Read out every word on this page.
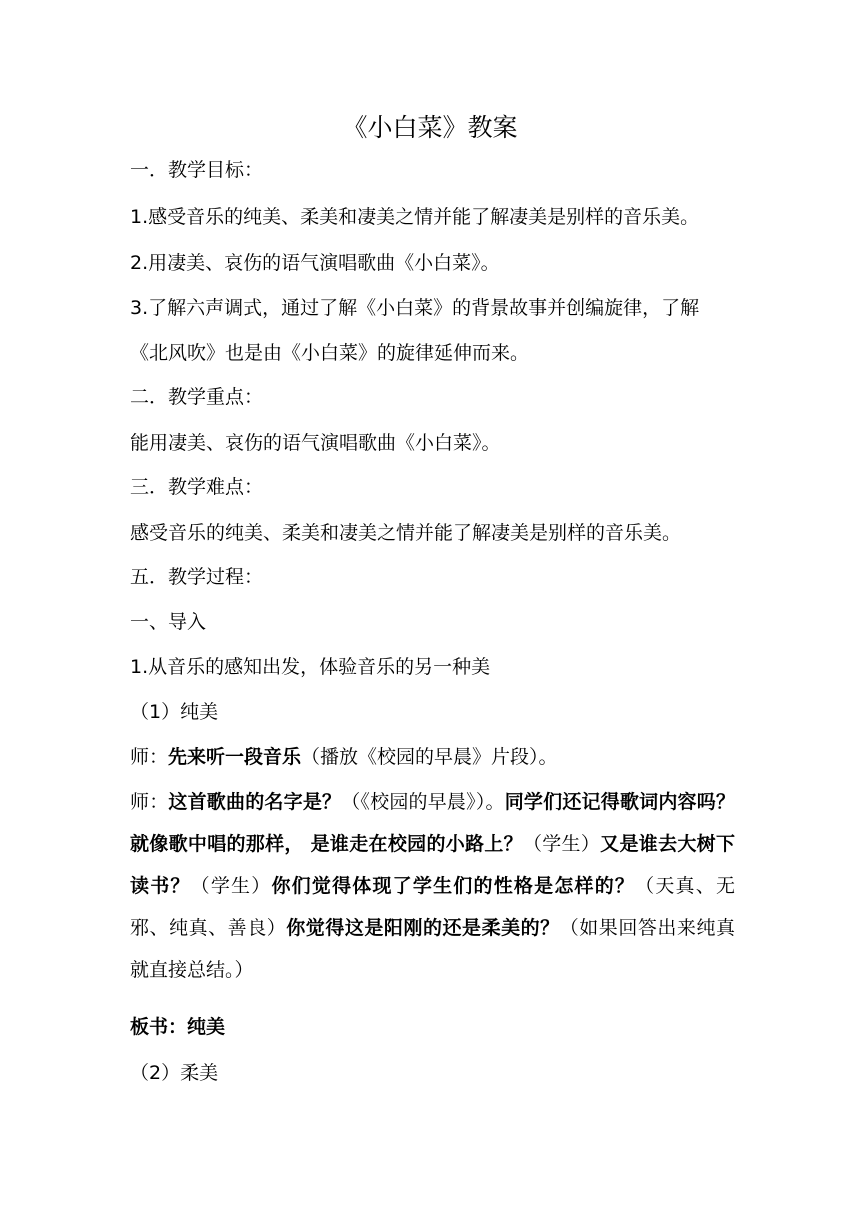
《小白菜》教案
一．教学目标：
1.感受音乐的纯美、柔美和凄美之情并能了解凄美是别样的音乐美。
2.用凄美、哀伤的语气演唱歌曲《小白菜》。
3.了解六声调式，通过了解《小白菜》的背景故事并创编旋律，了解
《北风吹》也是由《小白菜》的旋律延伸而来。
二．教学重点：
能用凄美、哀伤的语气演唱歌曲《小白菜》。
三．教学难点：
感受音乐的纯美、柔美和凄美之情并能了解凄美是别样的音乐美。
五．教学过程：
一、导入
1.从音乐的感知出发，体验音乐的另一种美
（1）纯美
师：先来听一段音乐（播放《校园的早晨》片段）。
师：这首歌曲的名字是？（《校园的早晨》）。同学们还记得歌词内容吗？就像歌中唱的那样， 是谁走在校园的小路上？（学生）又是谁去大树下读书？（学生）你们觉得体现了学生们的性格是怎样的？（天真、无邪、纯真、善良）你觉得这是阳刚的还是柔美的？（如果回答出来纯真就直接总结。）
板书：纯美
（2）柔美
